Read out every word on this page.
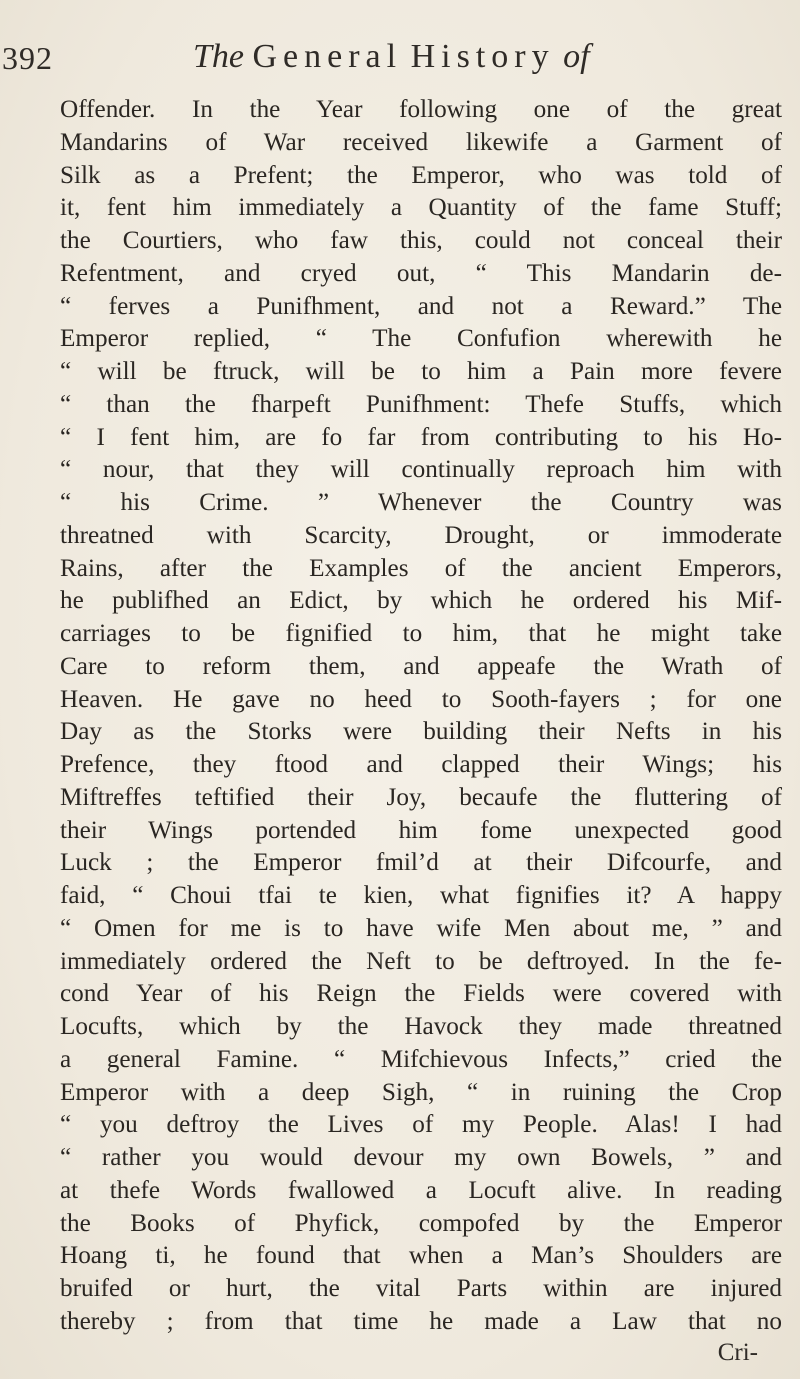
392	The General History of
Offender. In the Year following one of the great
Mandarins of War received likewife a Garment of
Silk as a Prefent; the Emperor, who was told of
it, fent him immediately a Quantity of the fame Stuff;
the Courtiers, who faw this, could not conceal their
Refentment, and cryed out, “ This Mandarin de-
“ ferves a Punifhment, and not a Reward.” The
Emperor replied, “ The Confufion wherewith he
“ will be ftruck, will be to him a Pain more fevere
“ than the fharpeft Punifhment: Thefe Stuffs, which
“ I fent him, are fo far from contributing to his Ho-
“ nour, that they will continually reproach him with
“ his Crime. ” Whenever the Country was
threatned with Scarcity, Drought, or immoderate
Rains, after the Examples of the ancient Emperors,
he publifhed an Edict, by which he ordered his Mif-
carriages to be fignified to him, that he might take
Care to reform them, and appeafe the Wrath of
Heaven. He gave no heed to Sooth-fayers ; for one
Day as the Storks were building their Nefts in his
Prefence, they ftood and clapped their Wings; his
Miftreffes teftified their Joy, becaufe the fluttering of
their Wings portended him fome unexpected good
Luck ; the Emperor fmil’d at their Difcourfe, and
faid, “ Choui tfai te kien, what fignifies it? A happy
“ Omen for me is to have wife Men about me, ” and
immediately ordered the Neft to be deftroyed. In the fe-
cond Year of his Reign the Fields were covered with
Locufts, which by the Havock they made threatned
a general Famine. “ Mifchievous Infects,” cried the
Emperor with a deep Sigh, “ in ruining the Crop
“ you deftroy the Lives of my People. Alas! I had
“ rather you would devour my own Bowels, ” and
at thefe Words fwallowed a Locuft alive. In reading
the Books of Phyfick, compofed by the Emperor
Hoang ti, he found that when a Man’s Shoulders are
bruifed or hurt, the vital Parts within are injured
thereby ; from that time he made a Law that no
Cri-
